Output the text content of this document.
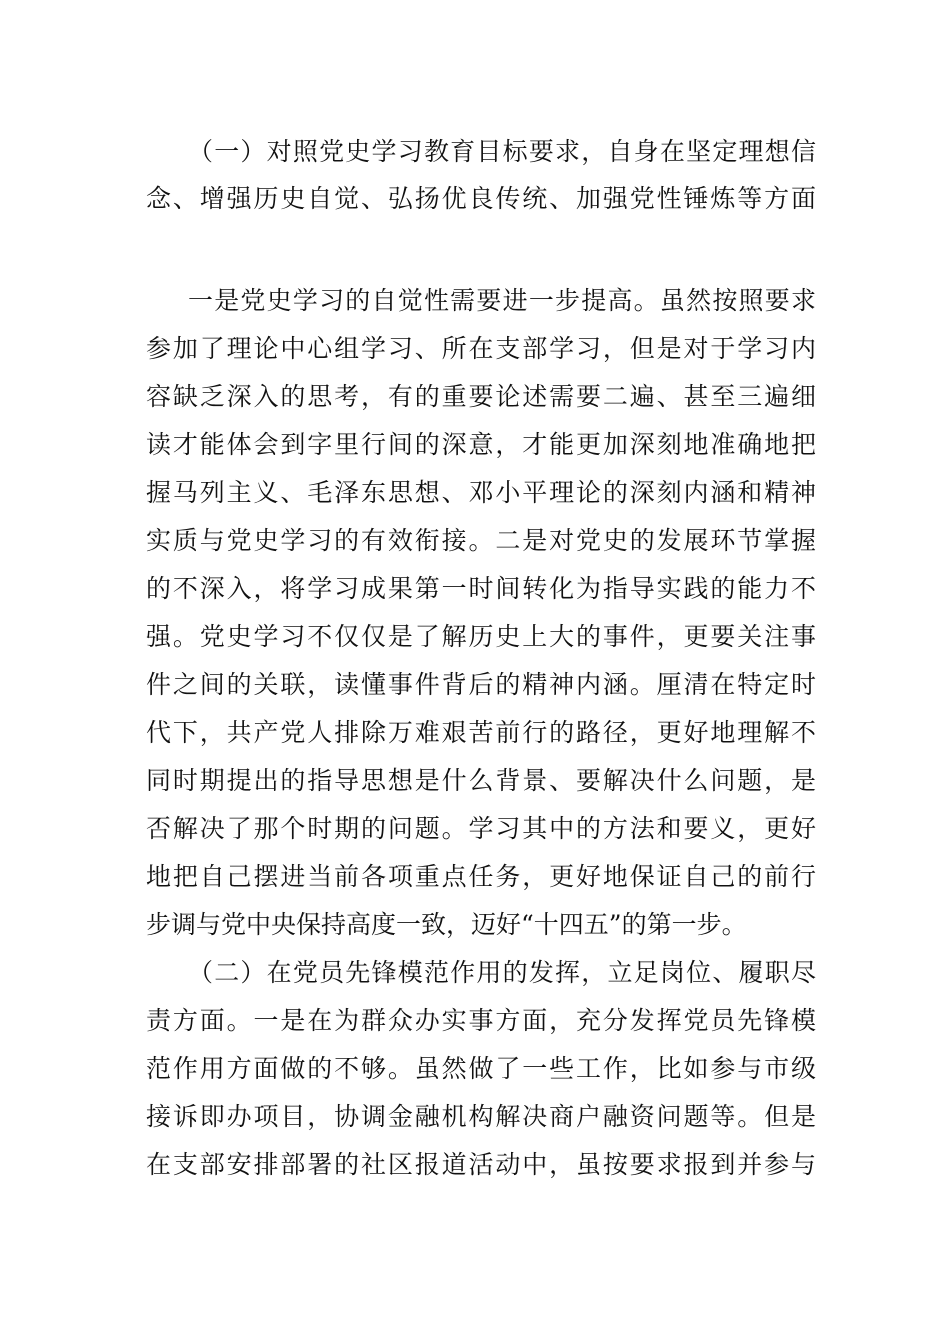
（一）对照党史学习教育目标要求，自身在坚定理想信
念、增强历史自觉、弘扬优良传统、加强党性锤炼等方面
一是党史学习的自觉性需要进一步提高。虽然按照要求
参加了理论中心组学习、所在支部学习，但是对于学习内
容缺乏深入的思考，有的重要论述需要二遍、甚至三遍细
读才能体会到字里行间的深意，才能更加深刻地准确地把
握马列主义、毛泽东思想、邓小平理论的深刻内涵和精神
实质与党史学习的有效衔接。二是对党史的发展环节掌握
的不深入，将学习成果第一时间转化为指导实践的能力不
强。党史学习不仅仅是了解历史上大的事件，更要关注事
件之间的关联，读懂事件背后的精神内涵。厘清在特定时
代下，共产党人排除万难艰苦前行的路径，更好地理解不
同时期提出的指导思想是什么背景、要解决什么问题，是
否解决了那个时期的问题。学习其中的方法和要义，更好
地把自己摆进当前各项重点任务，更好地保证自己的前行
步调与党中央保持高度一致，迈好“十四五”的第一步。
（二）在党员先锋模范作用的发挥，立足岗位、履职尽
责方面。一是在为群众办实事方面，充分发挥党员先锋模
范作用方面做的不够。虽然做了一些工作，比如参与市级
接诉即办项目，协调金融机构解决商户融资问题等。但是
在支部安排部署的社区报道活动中，虽按要求报到并参与
